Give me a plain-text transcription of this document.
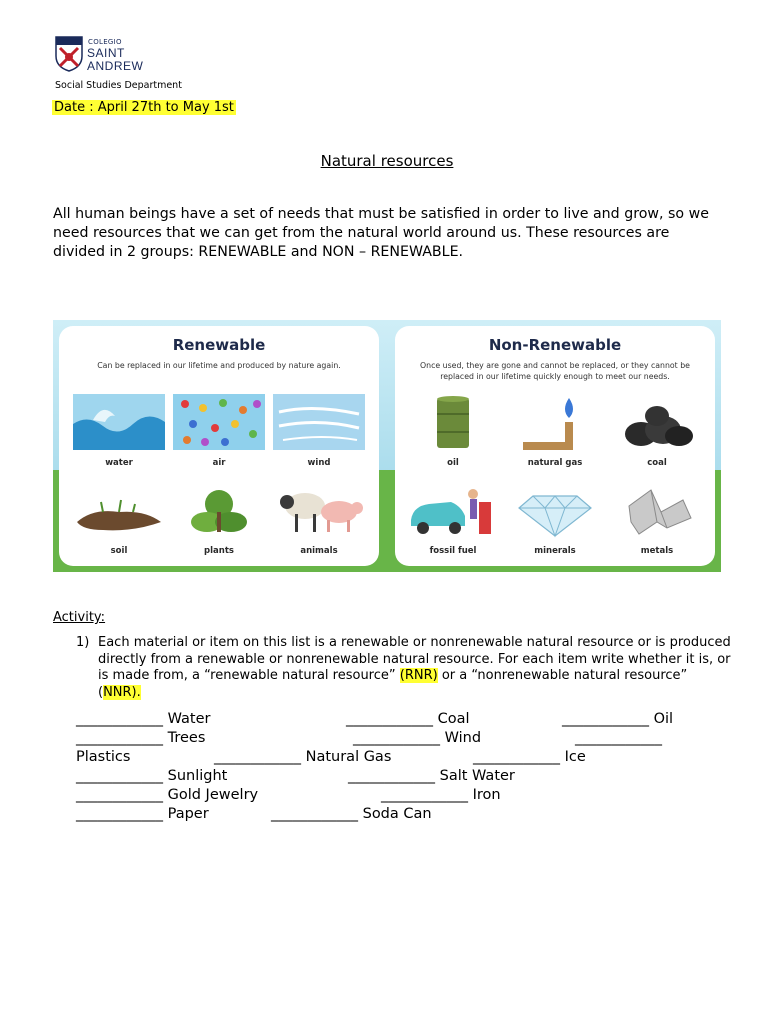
COLEGIO
SAINT
ANDREW
Social Studies Department
Date : April 27th to May 1st
Natural resources
All human beings have a set of needs that must be satisfied in order to live and grow, so we need resources that we can get from the natural world around us. These resources are divided in 2 groups: RENEWABLE and NON – RENEWABLE.
Renewable
Can be replaced in our lifetime and produced by nature again.
water	air	wind
soil	plants	animals
Non-Renewable
Once used, they are gone and cannot be replaced, or they cannot be replaced in our lifetime quickly enough to meet our needs.
oil	natural gas	coal
fossil fuel	minerals	metals
Activity:
1) Each material or item on this list is a renewable or nonrenewable natural resource or is produced directly from a renewable or nonrenewable natural resource. For each item write whether it is, or is made from, a “renewable natural resource” (RNR) or a “nonrenewable natural resource” (NNR).
____________ Water	____________ Coal	____________ Oil
____________ Trees	____________ Wind	____________
Plastics	____________ Natural Gas	____________ Ice
____________ Sunlight	____________ Salt Water
____________ Gold Jewelry	____________ Iron
____________ Paper	____________ Soda Can
